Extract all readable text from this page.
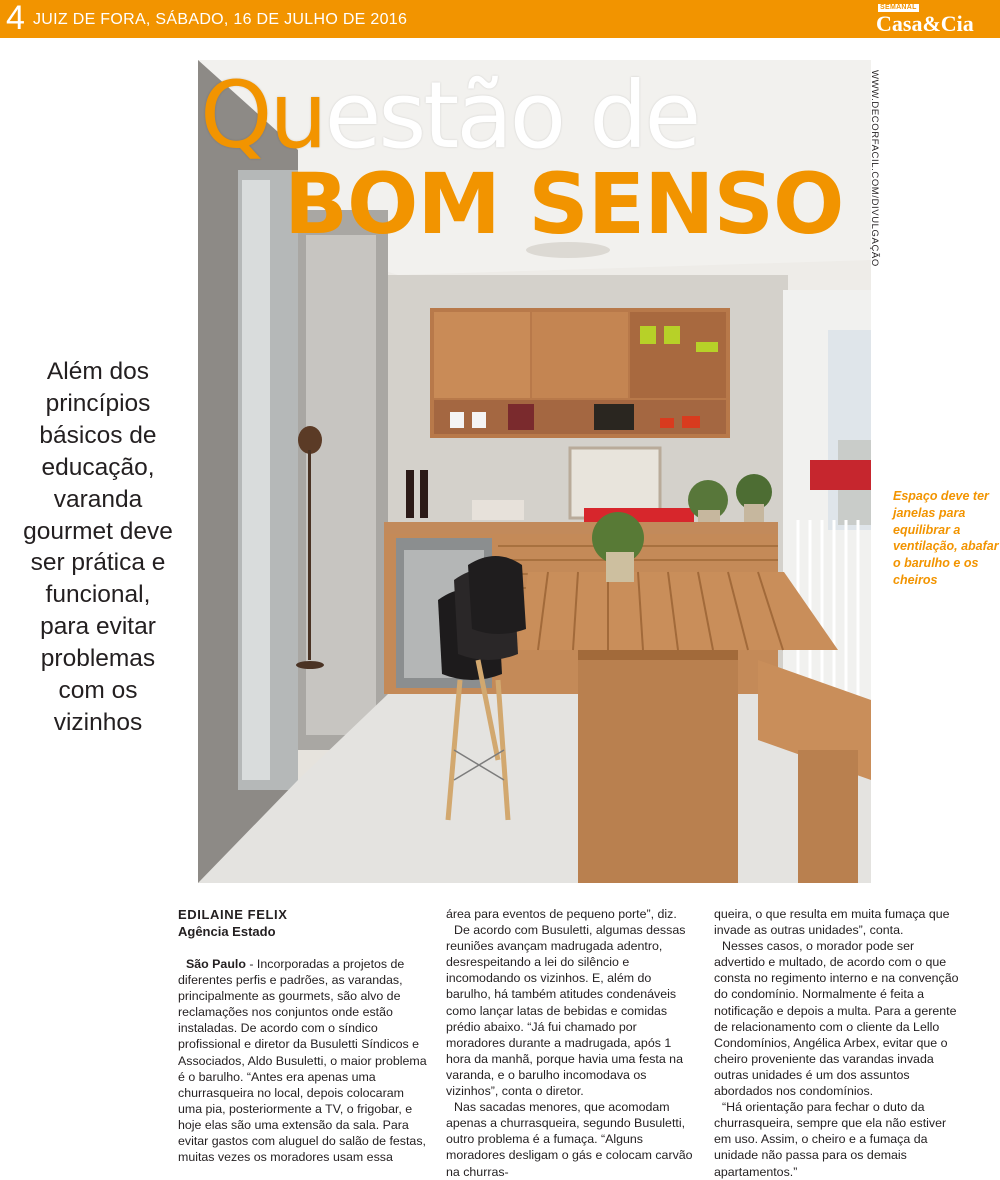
4 JUIZ DE FORA, SÁBADO, 16 DE JULHO DE 2016
SEMANAL
Casa&Cia
WWW.DECORFACIL.COM/DIVULGAÇÃO
Questão de
BOM SENSO
Além dos princípios básicos de educação, varanda gourmet deve ser prática e funcional, para evitar problemas com os vizinhos
Espaço deve ter janelas para equilibrar a ventilação, abafar o barulho e os cheiros
EDILAINE FELIX
Agência Estado

São Paulo - Incorporadas a projetos de diferentes perfis e padrões, as varandas, principalmente as gourmets, são alvo de reclamações nos conjuntos onde estão instaladas. De acordo com o síndico profissional e diretor da Busuletti Síndicos e Associados, Aldo Busuletti, o maior problema é o barulho. “Antes era apenas uma churrasqueira no local, depois colocaram uma pia, posteriormente a TV, o frigobar, e hoje elas são uma extensão da sala. Para evitar gastos com aluguel do salão de festas, muitas vezes os moradores usam essa

área para eventos de pequeno porte”, diz.

De acordo com Busuletti, algumas dessas reuniões avançam madrugada adentro, desrespeitando a lei do silêncio e incomodando os vizinhos. E, além do barulho, há também atitudes condenáveis como lançar latas de bebidas e comidas prédio abaixo. “Já fui chamado por moradores durante a madrugada, após 1 hora da manhã, porque havia uma festa na varanda, e o barulho incomodava os vizinhos”, conta o diretor.

Nas sacadas menores, que acomodam apenas a churrasqueira, segundo Busuletti, outro problema é a fumaça. “Alguns moradores desligam o gás e colocam carvão na churras-

queira, o que resulta em muita fumaça que invade as outras unidades”, conta.

Nesses casos, o morador pode ser advertido e multado, de acordo com o que consta no regimento interno e na convenção do condomínio. Normalmente é feita a notificação e depois a multa. Para a gerente de relacionamento com o cliente da Lello Condomínios, Angélica Arbex, evitar que o cheiro proveniente das varandas invada outras unidades é um dos assuntos abordados nos condomínios.

“Há orientação para fechar o duto da churrasqueira, sempre que ela não estiver em uso. Assim, o cheiro e a fumaça da unidade não passa para os demais apartamentos.”
